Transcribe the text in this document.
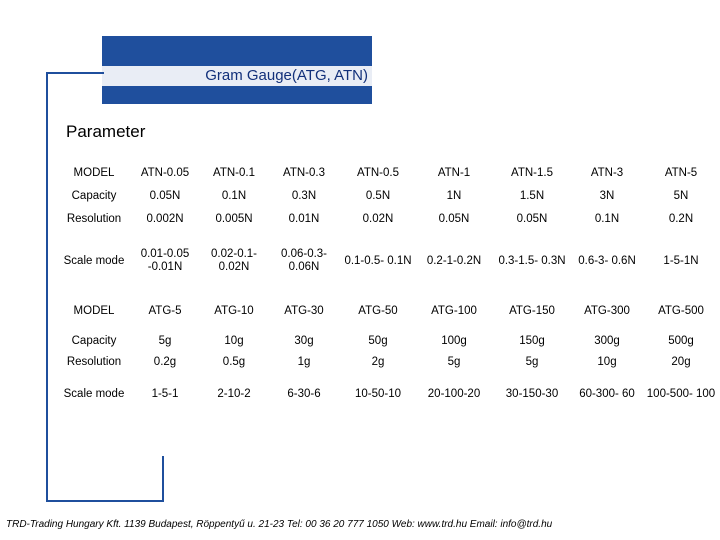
Gram Gauge(ATG, ATN)
Parameter
MODEL	ATN-0.05	ATN-0.1	ATN-0.3	ATN-0.5	ATN-1	ATN-1.5	ATN-3	ATN-5
Capacity	0.05N	0.1N	0.3N	0.5N	1N	1.5N	3N	5N
Resolution	0.002N	0.005N	0.01N	0.02N	0.05N	0.05N	0.1N	0.2N
Scale mode	0.01-0.05 -0.01N	0.02-0.1- 0.02N	0.06-0.3- 0.06N	0.1-0.5- 0.1N	0.2-1-0.2N	0.3-1.5- 0.3N	0.6-3- 0.6N	1-5-1N
MODEL	ATG-5	ATG-10	ATG-30	ATG-50	ATG-100	ATG-150	ATG-300	ATG-500
Capacity	5g	10g	30g	50g	100g	150g	300g	500g
Resolution	0.2g	0.5g	1g	2g	5g	5g	10g	20g
Scale mode	1-5-1	2-10-2	6-30-6	10-50-10	20-100-20	30-150-30	60-300- 60	100-500- 100
TRD-Trading Hungary Kft. 1139 Budapest, Röppentyű u. 21-23 Tel: 00 36 20 777 1050 Web: www.trd.hu Email: info@trd.hu
